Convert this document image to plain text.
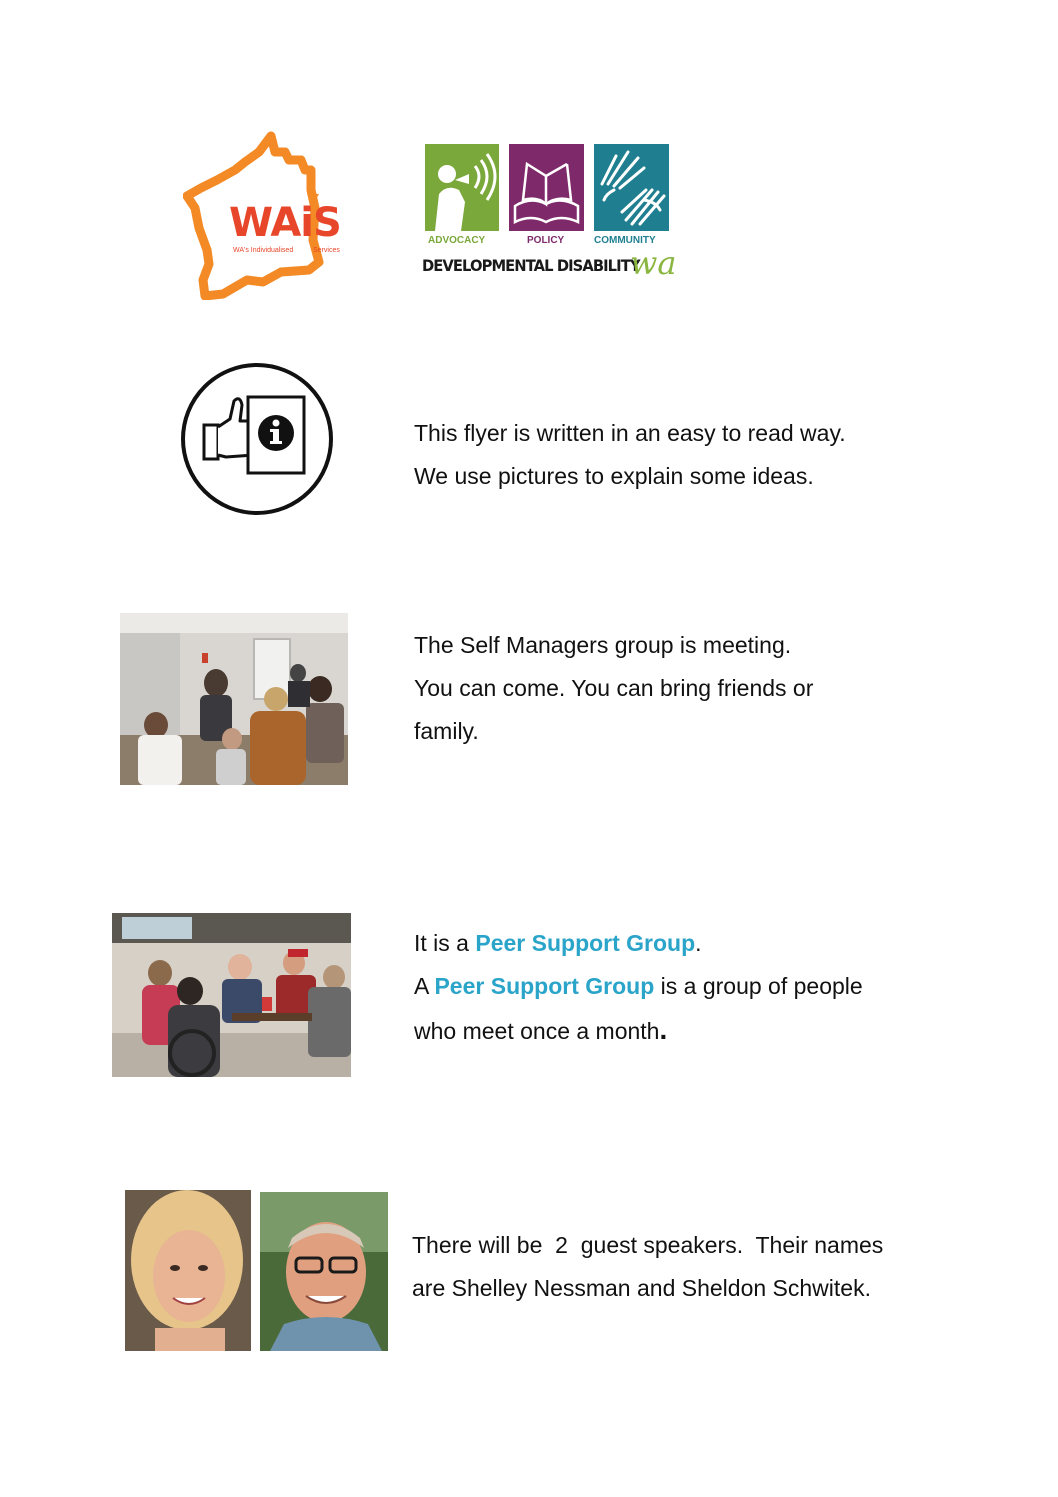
WAiS
WA's Individualised	Services
ADVOCACY	POLICY	COMMUNITY
DEVELOPMENTAL DISABILITY
wa
This flyer is written in an easy to read way.
We use pictures to explain some ideas.
The Self Managers group is meeting.
You can come. You can bring friends or
family.
It is a Peer Support Group.
A Peer Support Group is a group of people
who meet once a month.
There will be  2  guest speakers.  Their names
are Shelley Nessman and Sheldon Schwitek.
